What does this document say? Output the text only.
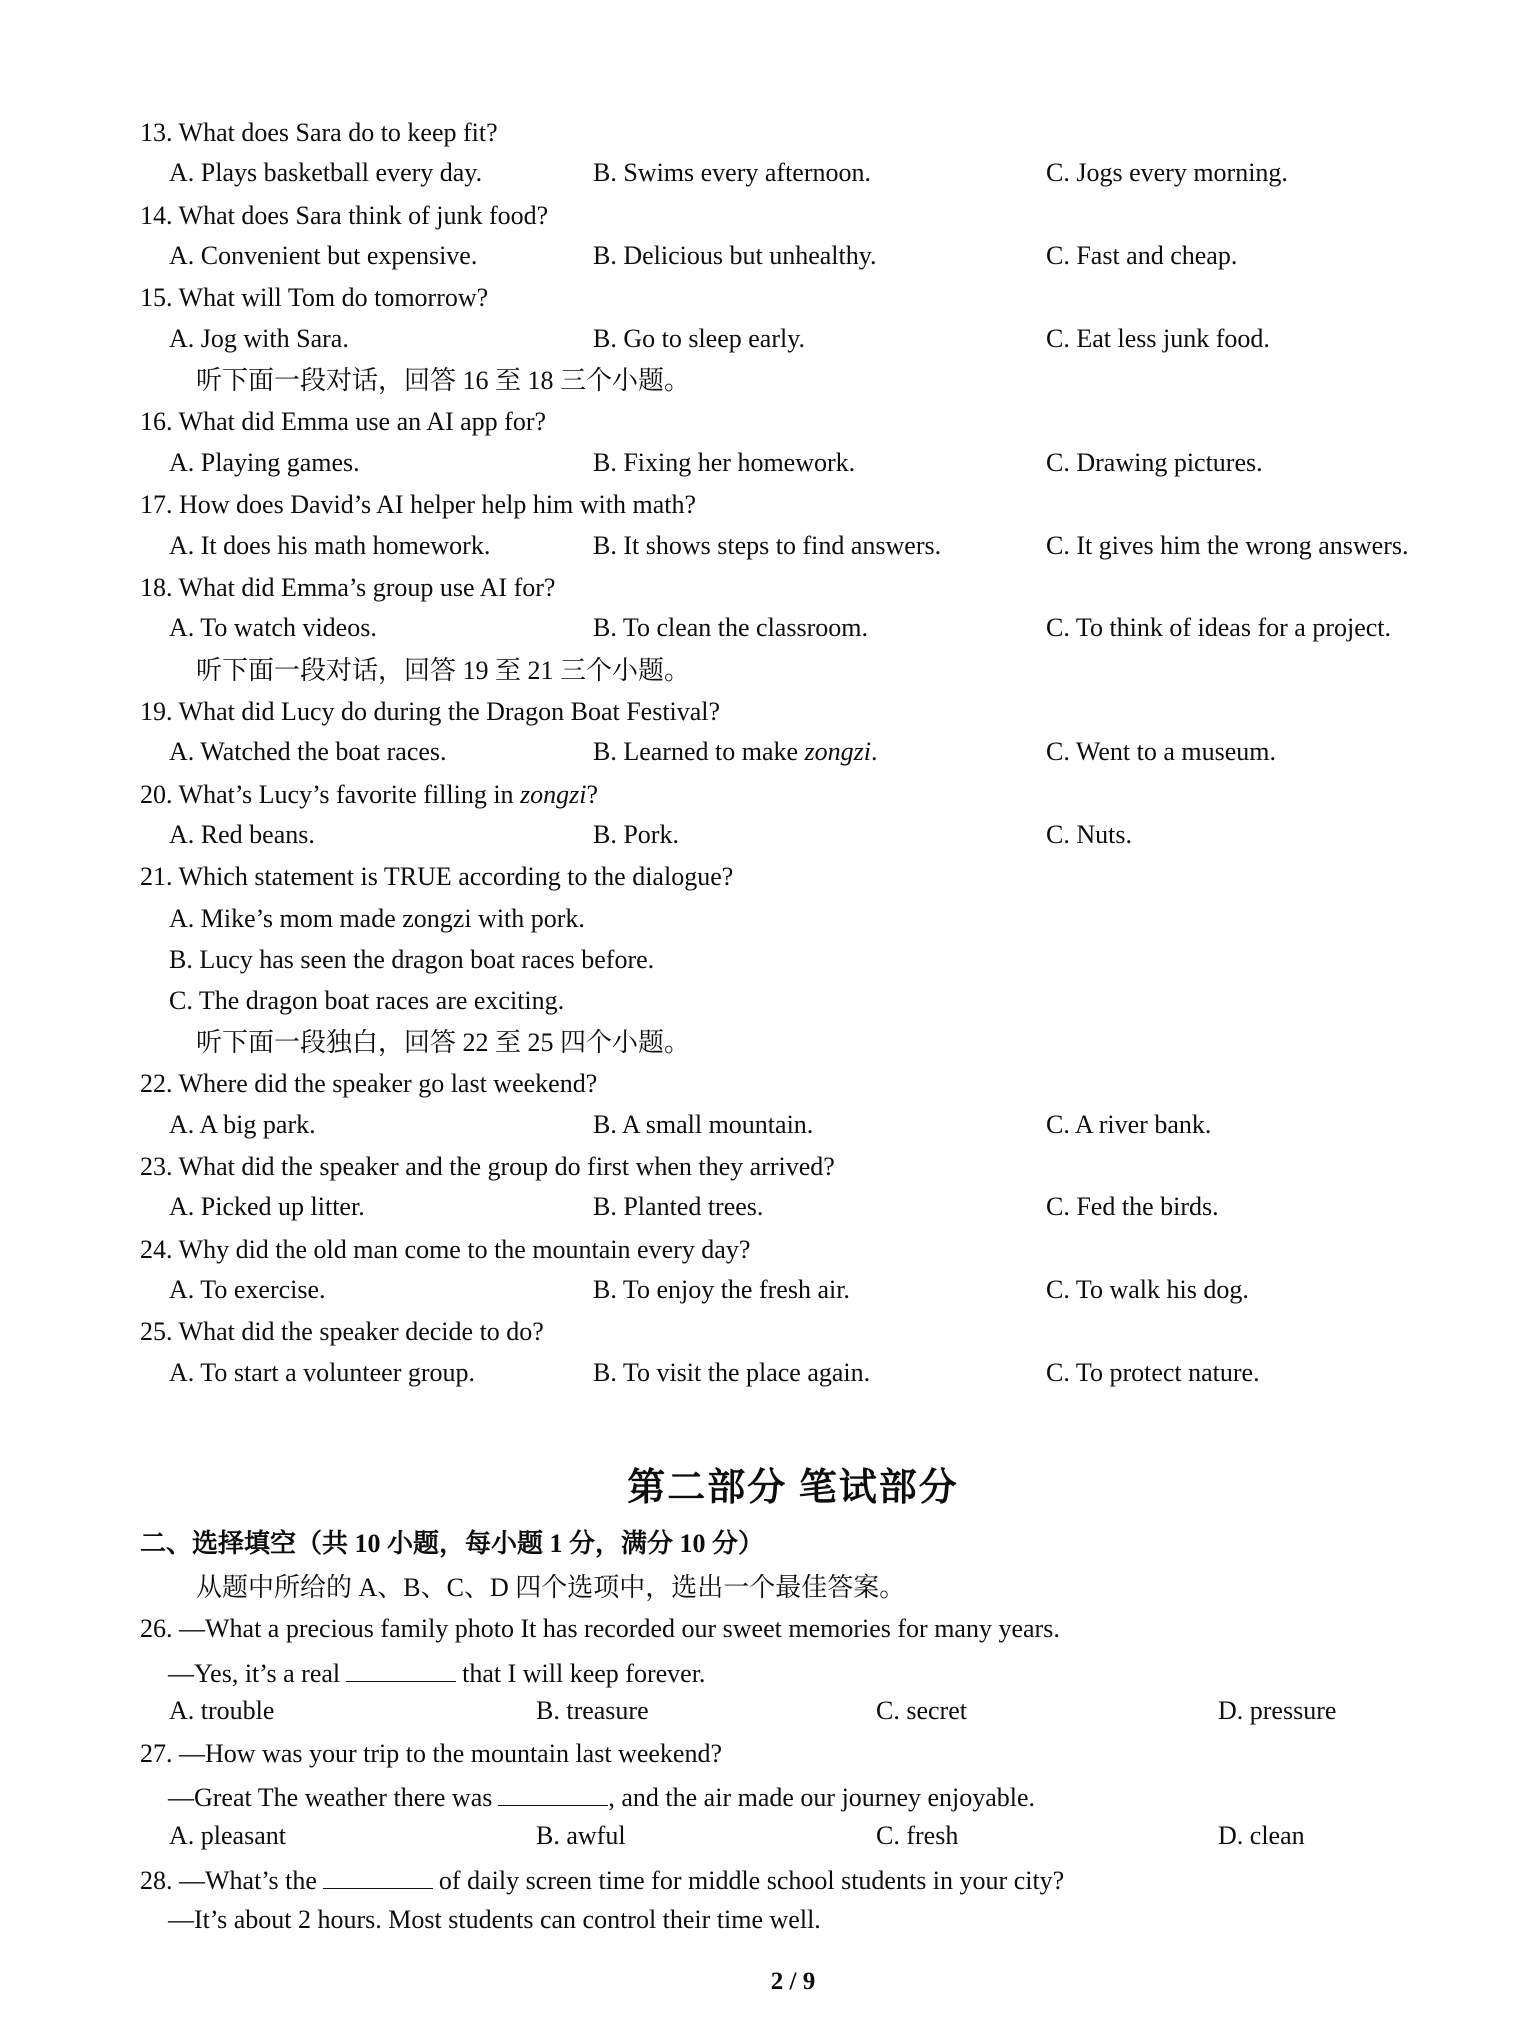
13. What does Sara do to keep fit?
A. Plays basketball every day.	B. Swims every afternoon.	C. Jogs every morning.
14. What does Sara think of junk food?
A. Convenient but expensive.	B. Delicious but unhealthy.	C. Fast and cheap.
15. What will Tom do tomorrow?
A. Jog with Sara.	B. Go to sleep early.	C. Eat less junk food.
听下面一段对话，回答 16 至 18 三个小题。
16. What did Emma use an AI app for?
A. Playing games.	B. Fixing her homework.	C. Drawing pictures.
17. How does David’s AI helper help him with math?
A. It does his math homework.	B. It shows steps to find answers.	C. It gives him the wrong answers.
18. What did Emma’s group use AI for?
A. To watch videos.	B. To clean the classroom.	C. To think of ideas for a project.
听下面一段对话，回答 19 至 21 三个小题。
19. What did Lucy do during the Dragon Boat Festival?
A. Watched the boat races.	B. Learned to make zongzi.	C. Went to a museum.
20. What’s Lucy’s favorite filling in zongzi?
A. Red beans.	B. Pork.	C. Nuts.
21. Which statement is TRUE according to the dialogue?
A. Mike’s mom made zongzi with pork.
B. Lucy has seen the dragon boat races before.
C. The dragon boat races are exciting.
听下面一段独白，回答 22 至 25 四个小题。
22. Where did the speaker go last weekend?
A. A big park.	B. A small mountain.	C. A river bank.
23. What did the speaker and the group do first when they arrived?
A. Picked up litter.	B. Planted trees.	C. Fed the birds.
24. Why did the old man come to the mountain every day?
A. To exercise.	B. To enjoy the fresh air.	C. To walk his dog.
25. What did the speaker decide to do?
A. To start a volunteer group.	B. To visit the place again.	C. To protect nature.
第二部分 笔试部分
二、选择填空（共 10 小题，每小题 1 分，满分 10 分）
从题中所给的 A、B、C、D 四个选项中，选出一个最佳答案。
26. —What a precious family photo It has recorded our sweet memories for many years.
—Yes, it’s a real	that I will keep forever.
A. trouble	B. treasure	C. secret	D. pressure
27. —How was your trip to the mountain last weekend?
—Great The weather there was	, and the air made our journey enjoyable.
A. pleasant	B. awful	C. fresh	D. clean
28. —What’s the	of daily screen time for middle school students in your city?
—It’s about 2 hours. Most students can control their time well.
2 / 9
